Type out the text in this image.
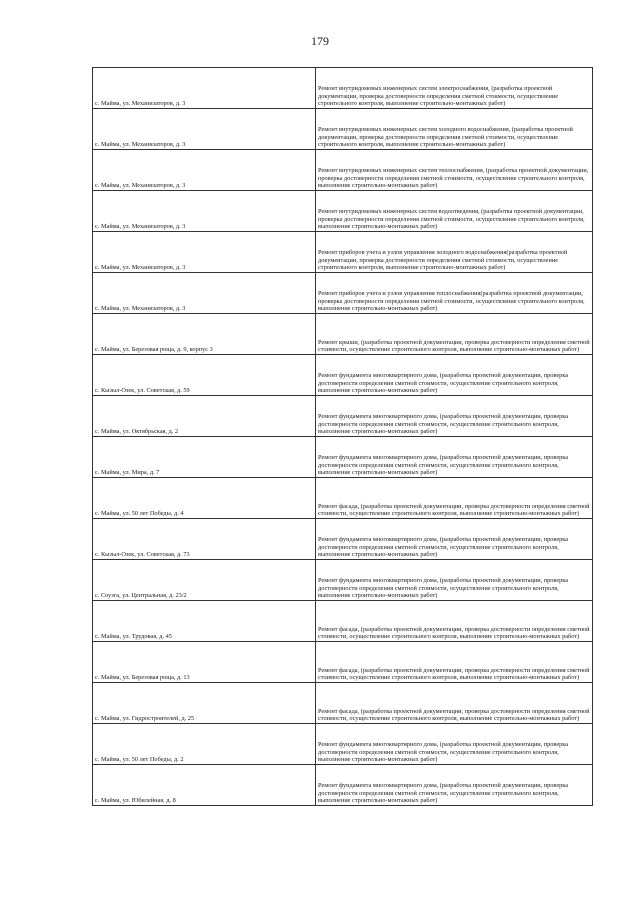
179
с. Майма, ул. Механизаторов, д. 3	Ремонт внутридомовых инженерных систем электроснабжения, (разработка проектной документации, проверка достоверности определения сметной стоимости, осуществление строительного контроля, выполнение строительно-монтажных работ)
с. Майма, ул. Механизаторов, д. 3	Ремонт внутридомовых инженерных систем холодного водоснабжения, (разработка проектной документации, проверка достоверности определения сметной стоимости, осуществление строительного контроля, выполнение строительно-монтажных работ)
с. Майма, ул. Механизаторов, д. 3	Ремонт внутридомовых инженерных систем теплоснабжения, (разработка проектной документации, проверка достоверности определения сметной стоимости, осуществление строительного контроля, выполнение строительно-монтажных работ)
с. Майма, ул. Механизаторов, д. 3	Ремонт внутридомовых инженерных систем водоотведения, (разработка проектной документации, проверка достоверности определения сметной стоимости, осуществление строительного контроля, выполнение строительно-монтажных работ)
с. Майма, ул. Механизаторов, д. 3	Ремонт приборов учета и узлов управления холодного водоснабжения(разработка проектной документации, проверка достоверности определения сметной стоимости, осуществление строительного контроля, выполнение строительно-монтажных работ)
с. Майма, ул. Механизаторов, д. 3	Ремонт приборов учета и узлов управления теплоснабжения(разработка проектной документации, проверка достоверности определения сметной стоимости, осуществление строительного контроля, выполнение строительно-монтажных работ)
с. Майма, ул. Березовая роща, д. 9, корпус 3	Ремонт крыши, (разработка проектной документации, проверка достоверности определения сметной стоимости, осуществление строительного контроля, выполнение строительно-монтажных работ)
с. Кызыл-Озек, ул. Советская, д. 59	Ремонт фундамента многоквартирного дома, (разработка проектной документации, проверка достоверности определения сметной стоимости, осуществление строительного контроля, выполнение строительно-монтажных работ)
с. Майма, ул. Октябрьская, д. 2	Ремонт фундамента многоквартирного дома, (разработка проектной документации, проверка достоверности определения сметной стоимости, осуществление строительного контроля, выполнение строительно-монтажных работ)
с. Майма, ул. Мира, д. 7	Ремонт фундамента многоквартирного дома, (разработка проектной документации, проверка достоверности определения сметной стоимости, осуществление строительного контроля, выполнение строительно-монтажных работ)
с. Майма, ул. 50 лет Победы, д. 4	Ремонт фасада, (разработка проектной документации, проверка достоверности определения сметной стоимости, осуществление строительного контроля, выполнение строительно-монтажных работ)
с. Кызыл-Озек, ул. Советская, д. 73	Ремонт фундамента многоквартирного дома, (разработка проектной документации, проверка достоверности определения сметной стоимости, осуществление строительного контроля, выполнение строительно-монтажных работ)
с. Соузга, ул. Центральная, д. 23/2	Ремонт фундамента многоквартирного дома, (разработка проектной документации, проверка достоверности определения сметной стоимости, осуществление строительного контроля, выполнение строительно-монтажных работ)
с. Майма, ул. Трудовая, д. 45	Ремонт фасада, (разработка проектной документации, проверка достоверности определения сметной стоимости, осуществление строительного контроля, выполнение строительно-монтажных работ)
с. Майма, ул. Березовая роща, д. 13	Ремонт фасада, (разработка проектной документации, проверка достоверности определения сметной стоимости, осуществление строительного контроля, выполнение строительно-монтажных работ)
с. Майма, ул. Гидростроителей, д. 25	Ремонт фасада, (разработка проектной документации, проверка достоверности определения сметной стоимости, осуществление строительного контроля, выполнение строительно-монтажных работ)
с. Майма, ул. 50 лет Победы, д. 2	Ремонт фундамента многоквартирного дома, (разработка проектной документации, проверка достоверности определения сметной стоимости, осуществление строительного контроля, выполнение строительно-монтажных работ)
с. Майма, ул. Юбилейная, д. 8	Ремонт фундамента многоквартирного дома, (разработка проектной документации, проверка достоверности определения сметной стоимости, осуществление строительного контроля, выполнение строительно-монтажных работ)
